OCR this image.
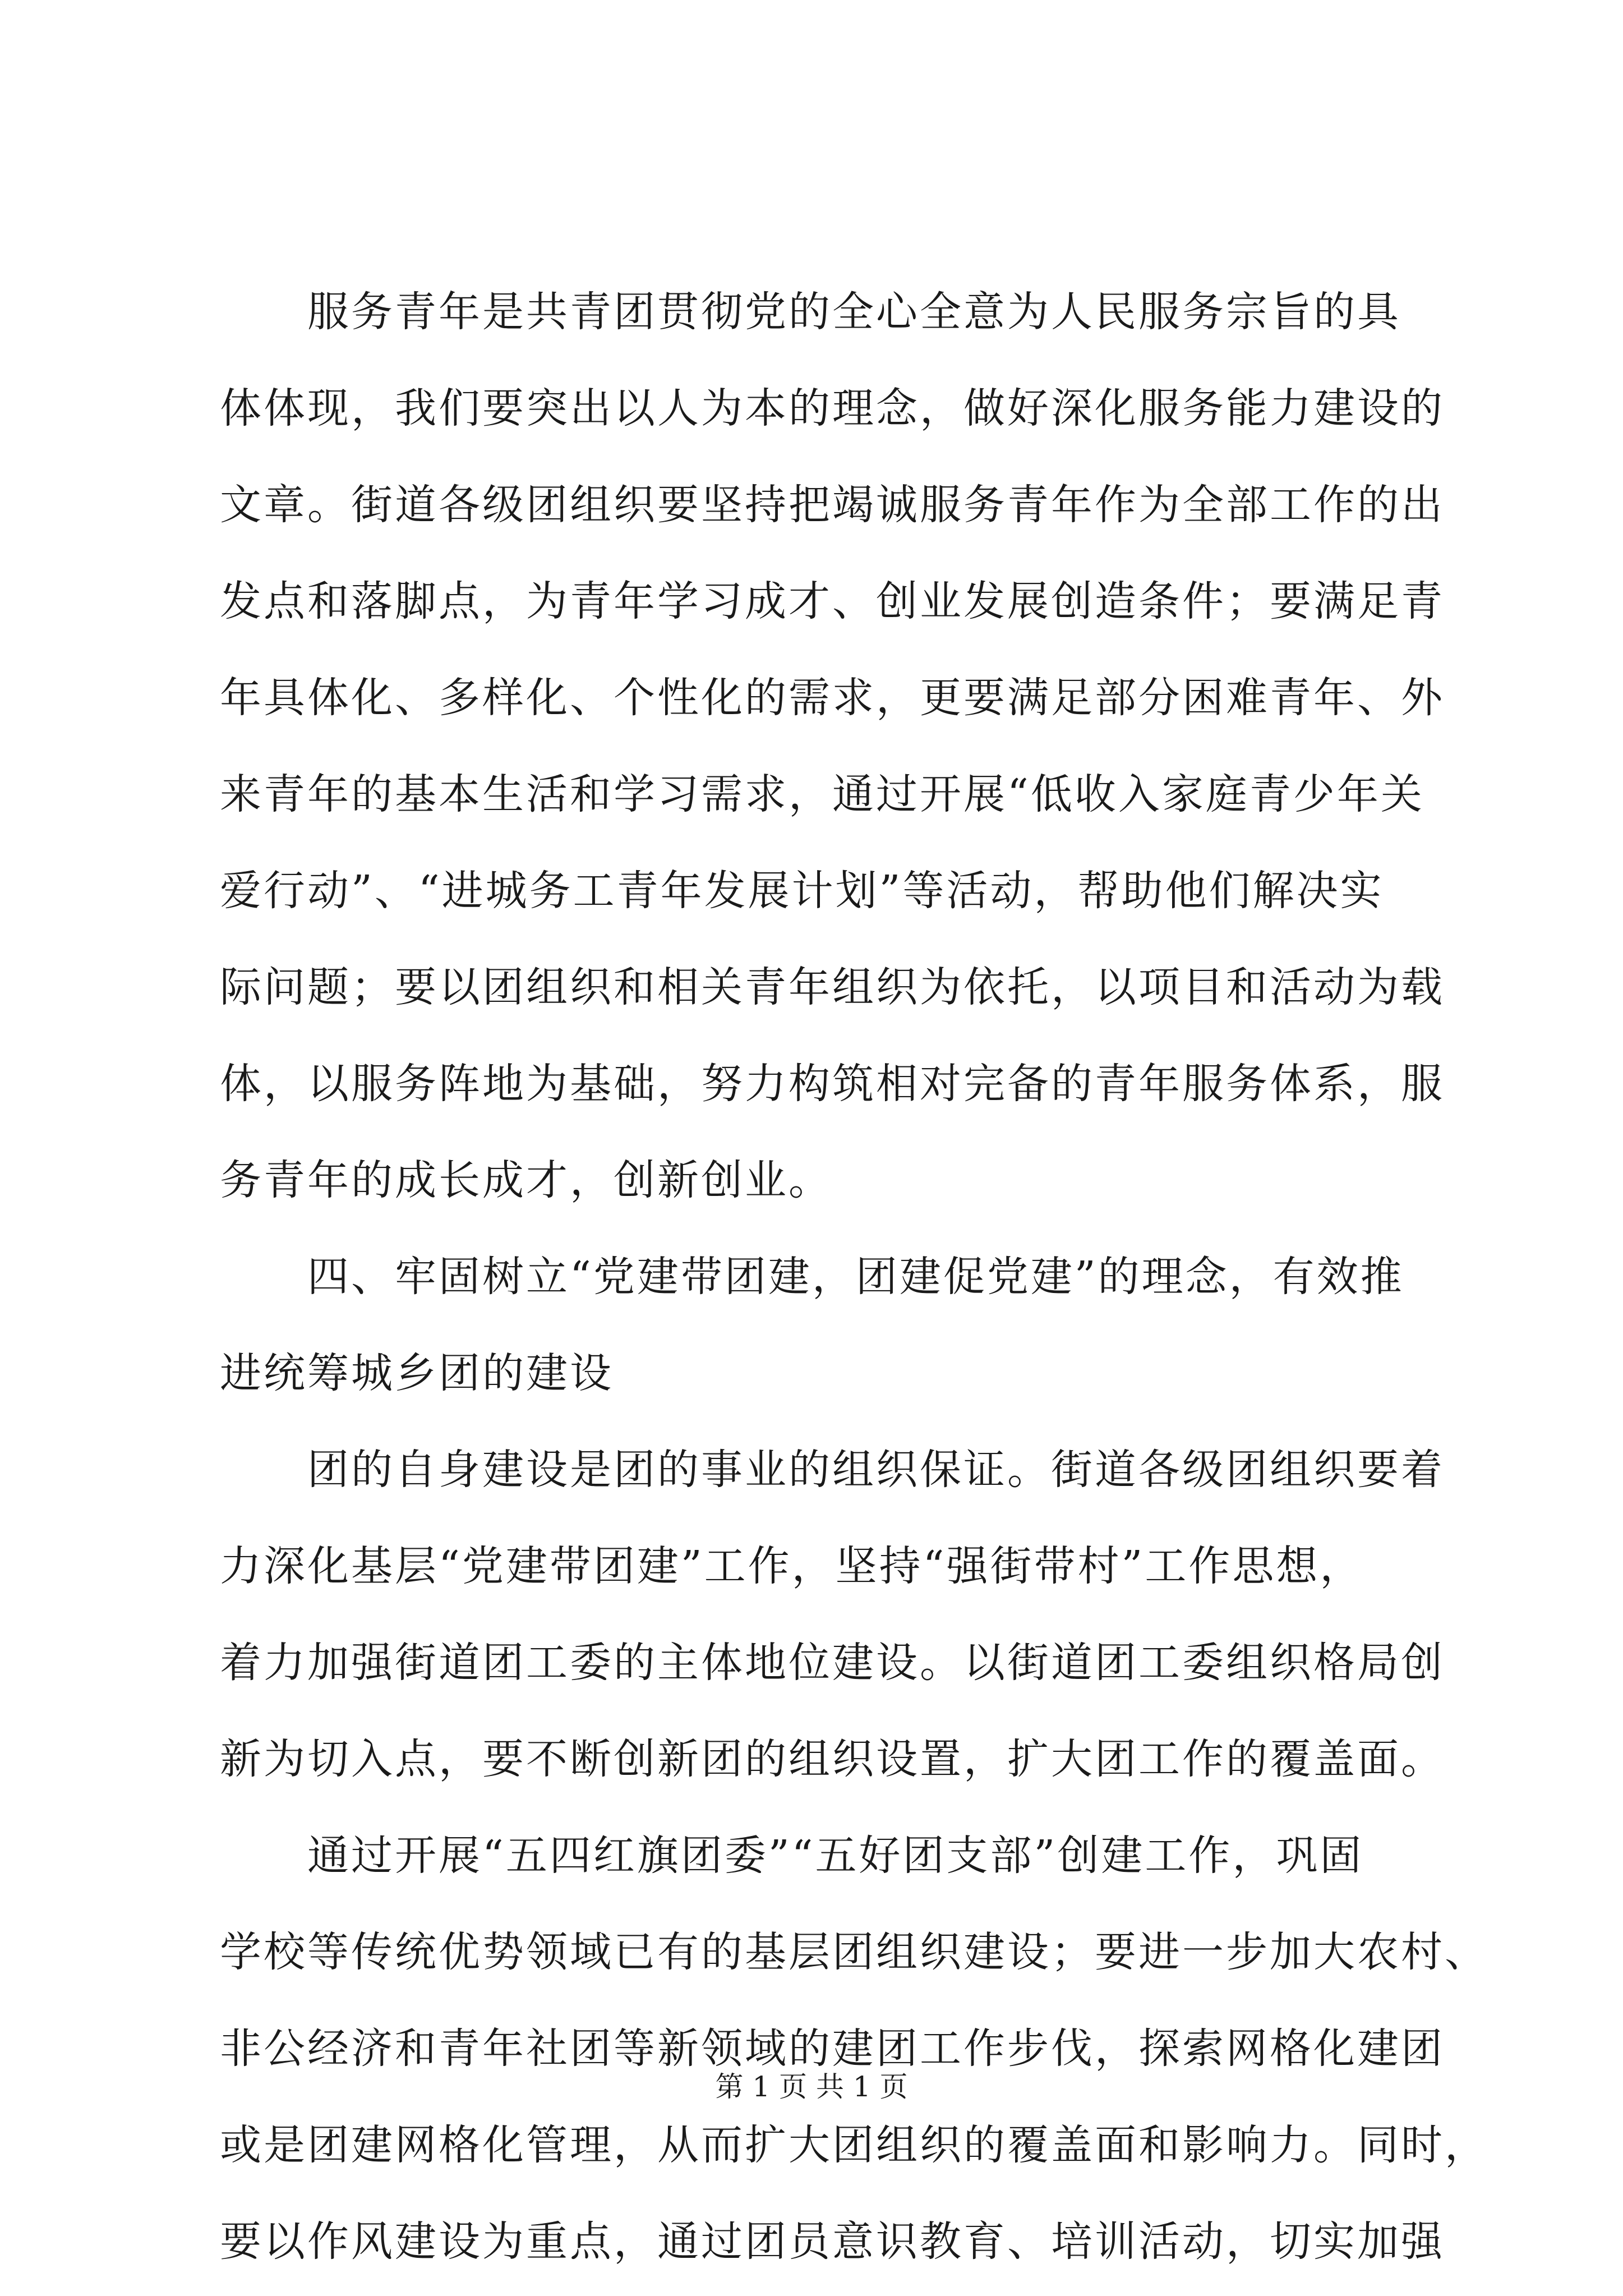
　　服务青年是共青团贯彻党的全心全意为人民服务宗旨的具
体体现，我们要突出以人为本的理念，做好深化服务能力建设的
文章。街道各级团组织要坚持把竭诚服务青年作为全部工作的出
发点和落脚点，为青年学习成才、创业发展创造条件；要满足青
年具体化、多样化、个性化的需求，更要满足部分困难青年、外
来青年的基本生活和学习需求，通过开展“低收入家庭青少年关
爱行动”、“进城务工青年发展计划”等活动，帮助他们解决实
际问题；要以团组织和相关青年组织为依托，以项目和活动为载
体，以服务阵地为基础，努力构筑相对完备的青年服务体系，服
务青年的成长成才，创新创业。
　　四、牢固树立“党建带团建，团建促党建”的理念，有效推
进统筹城乡团的建设
　　团的自身建设是团的事业的组织保证。街道各级团组织要着
力深化基层“党建带团建”工作，坚持“强街带村”工作思想，
着力加强街道团工委的主体地位建设。以街道团工委组织格局创
新为切入点，要不断创新团的组织设置，扩大团工作的覆盖面。
　　通过开展“五四红旗团委”“五好团支部”创建工作，巩固
学校等传统优势领域已有的基层团组织建设；要进一步加大农村、
非公经济和青年社团等新领域的建团工作步伐，探索网格化建团
或是团建网格化管理，从而扩大团组织的覆盖面和影响力。同时，
要以作风建设为重点，通过团员意识教育、培训活动，切实加强
第 1 页 共 1 页
